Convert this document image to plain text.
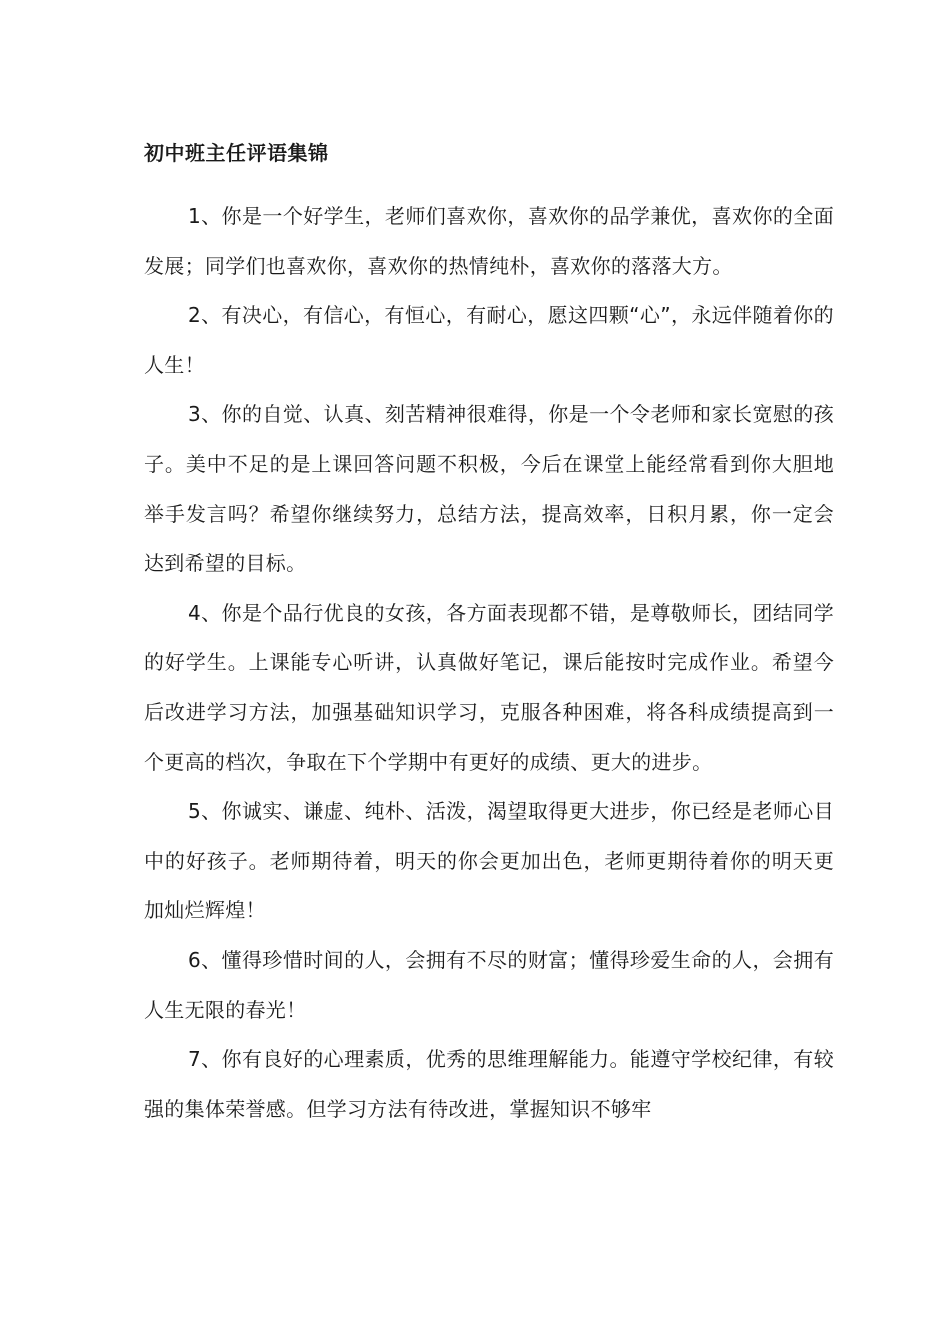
初中班主任评语集锦

1、你是一个好学生，老师们喜欢你，喜欢你的品学兼优，喜欢你的全面发展；同学们也喜欢你，喜欢你的热情纯朴，喜欢你的落落大方。

2、有决心，有信心，有恒心，有耐心，愿这四颗“心”，永远伴随着你的人生！

3、你的自觉、认真、刻苦精神很难得，你是一个令老师和家长宽慰的孩子。美中不足的是上课回答问题不积极，今后在课堂上能经常看到你大胆地举手发言吗？希望你继续努力，总结方法，提高效率，日积月累，你一定会达到希望的目标。

4、你是个品行优良的女孩，各方面表现都不错，是尊敬师长，团结同学的好学生。上课能专心听讲，认真做好笔记，课后能按时完成作业。希望今后改进学习方法，加强基础知识学习，克服各种困难，将各科成绩提高到一个更高的档次，争取在下个学期中有更好的成绩、更大的进步。

5、你诚实、谦虚、纯朴、活泼，渴望取得更大进步，你已经是老师心目中的好孩子。老师期待着，明天的你会更加出色，老师更期待着你的明天更加灿烂辉煌！

6、懂得珍惜时间的人，会拥有不尽的财富；懂得珍爱生命的人，会拥有人生无限的春光！

7、你有良好的心理素质，优秀的思维理解能力。能遵守学校纪律，有较强的集体荣誉感。但学习方法有待改进，掌握知识不够牢
